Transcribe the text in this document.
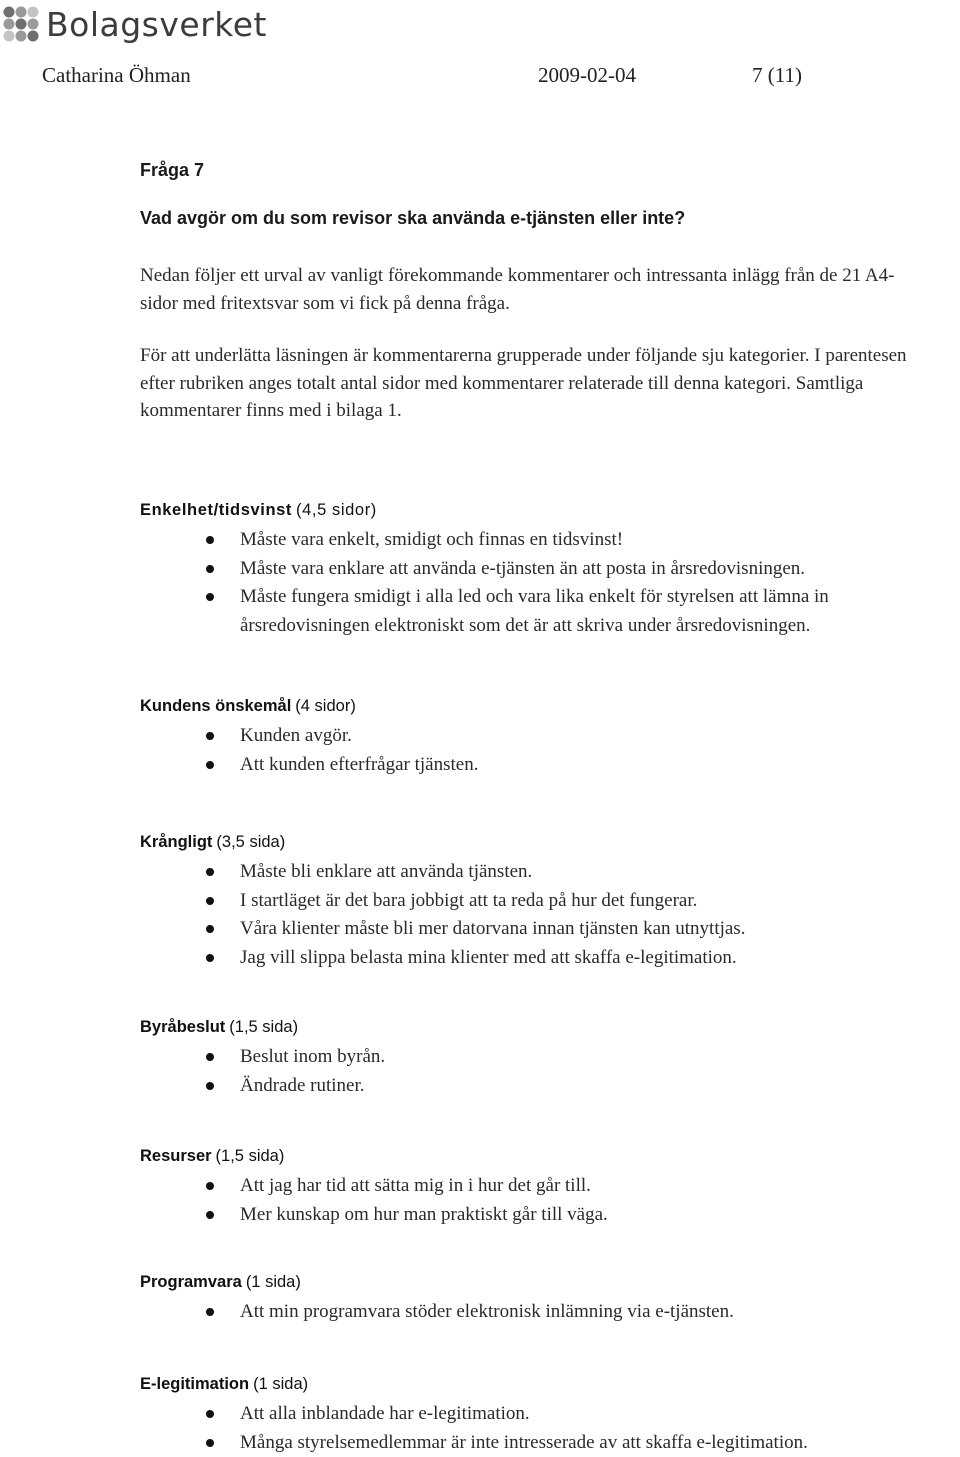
Bolagsverket
Catharina Öhman	2009-02-04	7 (11)
Fråga 7
Vad avgör om du som revisor ska använda e-tjänsten eller inte?
Nedan följer ett urval av vanligt förekommande kommentarer och intressanta inlägg från de 21 A4-sidor med fritextsvar som vi fick på denna fråga.
För att underlätta läsningen är kommentarerna grupperade under följande sju kategorier. I parentesen efter rubriken anges totalt antal sidor med kommentarer relaterade till denna kategori. Samtliga kommentarer finns med i bilaga 1.
Enkelhet/tidsvinst (4,5 sidor)
Måste vara enkelt, smidigt och finnas en tidsvinst!
Måste vara enklare att använda e-tjänsten än att posta in årsredovisningen.
Måste fungera smidigt i alla led och vara lika enkelt för styrelsen att lämna in årsredovisningen elektroniskt som det är att skriva under årsredovisningen.
Kundens önskemål (4 sidor)
Kunden avgör.
Att kunden efterfrågar tjänsten.
Krångligt (3,5 sida)
Måste bli enklare att använda tjänsten.
I startläget är det bara jobbigt att ta reda på hur det fungerar.
Våra klienter måste bli mer datorvana innan tjänsten kan utnyttjas.
Jag vill slippa belasta mina klienter med att skaffa e-legitimation.
Byråbeslut (1,5 sida)
Beslut inom byrån.
Ändrade rutiner.
Resurser (1,5 sida)
Att jag har tid att sätta mig in i hur det går till.
Mer kunskap om hur man praktiskt går till väga.
Programvara (1 sida)
Att min programvara stöder elektronisk inlämning via e-tjänsten.
E-legitimation (1 sida)
Att alla inblandade har e-legitimation.
Många styrelsemedlemmar är inte intresserade av att skaffa e-legitimation.
